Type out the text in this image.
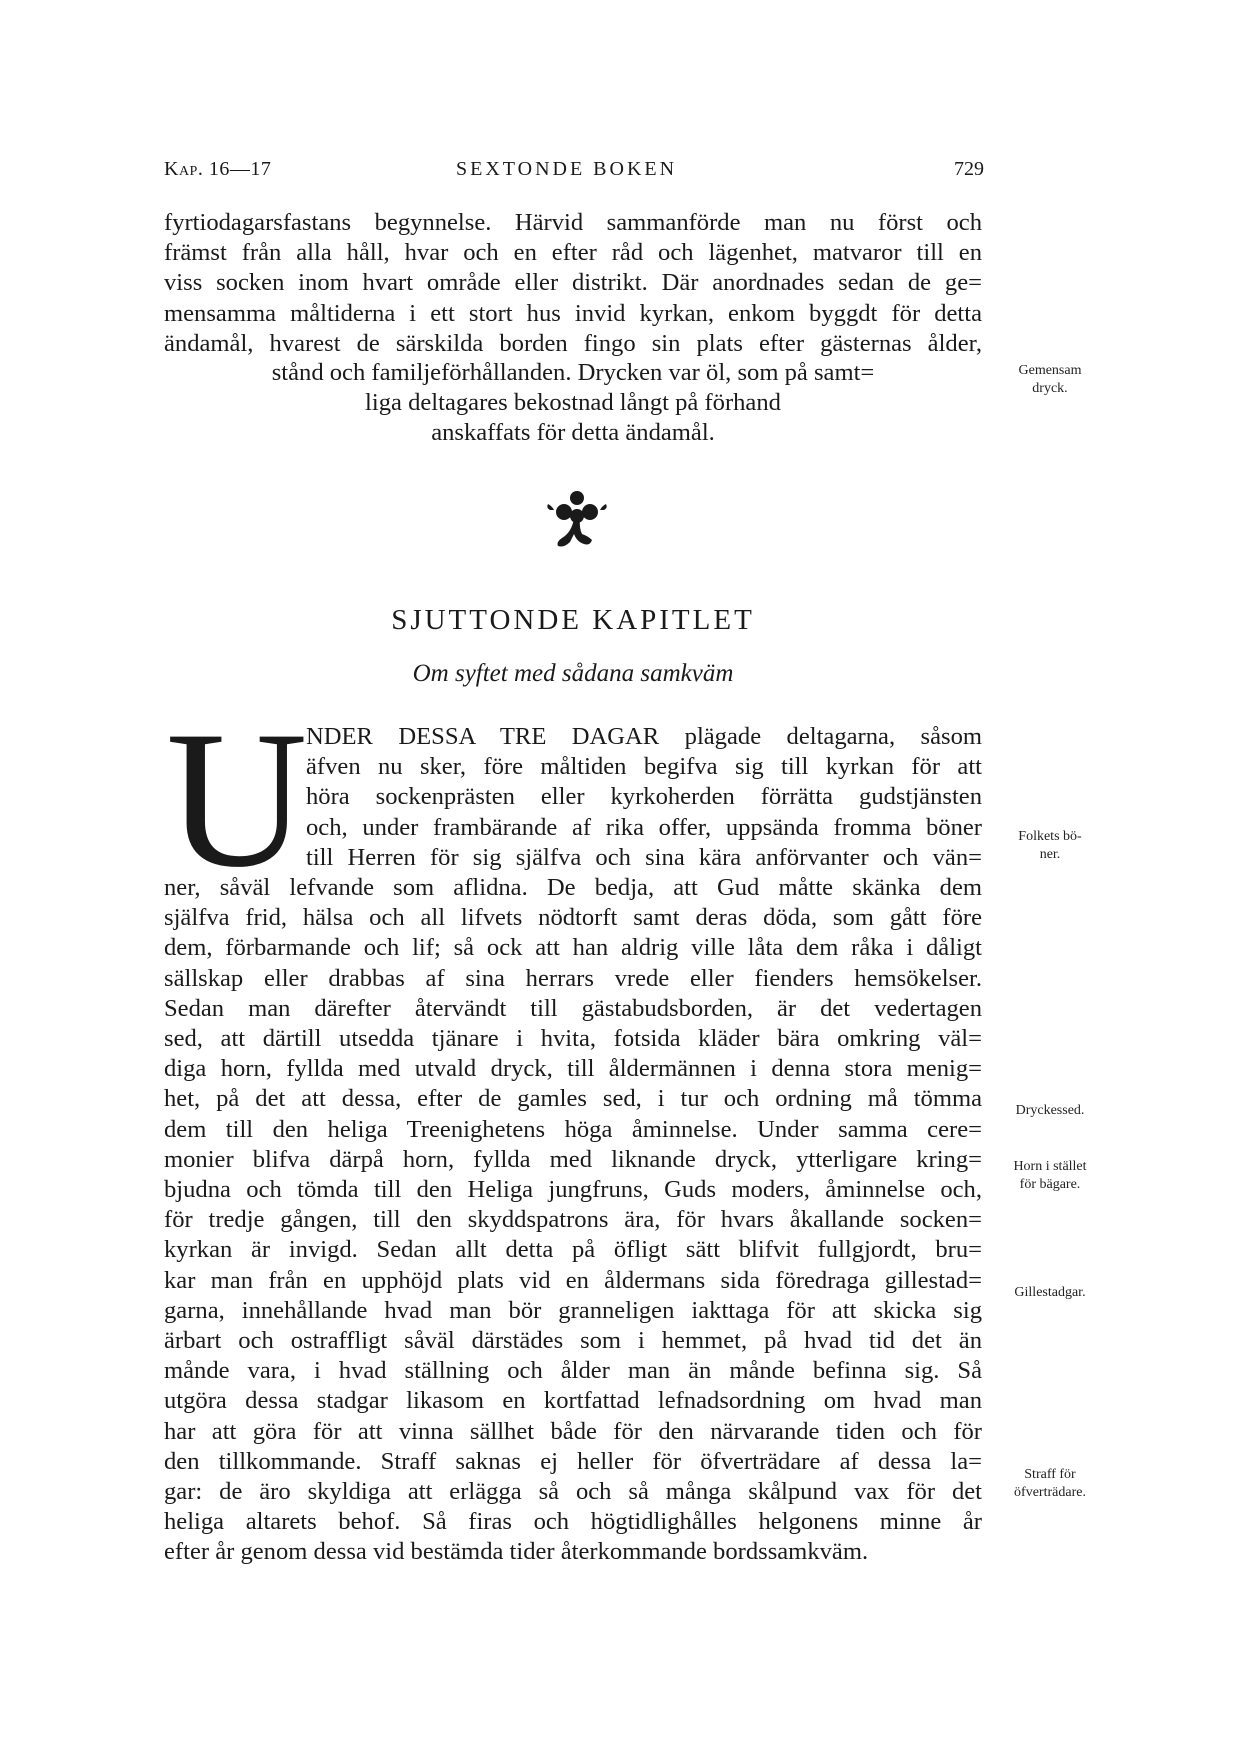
Kap. 16—17	SEXTONDE BOKEN	729
fyrtiodagarsfastans begynnelse. Härvid sammanförde man nu först och
främst från alla håll, hvar och en efter råd och lägenhet, matvaror till en
viss socken inom hvart område eller distrikt. Där anordnades sedan de ge=
mensamma måltiderna i ett stort hus invid kyrkan, enkom byggdt för detta
ändamål, hvarest de särskilda borden fingo sin plats efter gästernas ålder,
stånd och familjeförhållanden. Drycken var öl, som på samt=
liga deltagares bekostnad långt på förhand
anskaffats för detta ändamål.
SJUTTONDE KAPITLET
Om syftet med sådana samkväm
U
NDER DESSA TRE DAGAR plägade deltagarna, såsom
äfven nu sker, före måltiden begifva sig till kyrkan för att
höra sockenprästen eller kyrkoherden förrätta gudstjänsten
och, under frambärande af rika offer, uppsända fromma böner
till Herren för sig själfva och sina kära anförvanter och vän=
ner, såväl lefvande som aflidna. De bedja, att Gud måtte skänka dem
själfva frid, hälsa och all lifvets nödtorft samt deras döda, som gått före
dem, förbarmande och lif; så ock att han aldrig ville låta dem råka i dåligt
sällskap eller drabbas af sina herrars vrede eller fienders hemsökelser.
Sedan man därefter återvändt till gästabudsborden, är det vedertagen
sed, att därtill utsedda tjänare i hvita, fotsida kläder bära omkring väl=
diga horn, fyllda med utvald dryck, till åldermännen i denna stora menig=
het, på det att dessa, efter de gamles sed, i tur och ordning må tömma
dem till den heliga Treenighetens höga åminnelse. Under samma cere=
monier blifva därpå horn, fyllda med liknande dryck, ytterligare kring=
bjudna och tömda till den Heliga jungfruns, Guds moders, åminnelse och,
för tredje gången, till den skyddspatrons ära, för hvars åkallande socken=
kyrkan är invigd. Sedan allt detta på öfligt sätt blifvit fullgjordt, bru=
kar man från en upphöjd plats vid en åldermans sida föredraga gillestad=
garna, innehållande hvad man bör granneligen iakttaga för att skicka sig
ärbart och ostraffligt såväl därstädes som i hemmet, på hvad tid det än
månde vara, i hvad ställning och ålder man än månde befinna sig. Så
utgöra dessa stadgar likasom en kortfattad lefnadsordning om hvad man
har att göra för att vinna sällhet både för den närvarande tiden och för
den tillkommande. Straff saknas ej heller för öfverträdare af dessa la=
gar: de äro skyldiga att erlägga så och så många skålpund vax för det
heliga altarets behof. Så firas och högtidlighålles helgonens minne år
efter år genom dessa vid bestämda tider återkommande bordssamkväm.
Gemensam
dryck.
Folkets bö-
ner.
Dryckessed.
Horn i stället
för bägare.
Gillestadgar.
Straff för
öfverträdare.
